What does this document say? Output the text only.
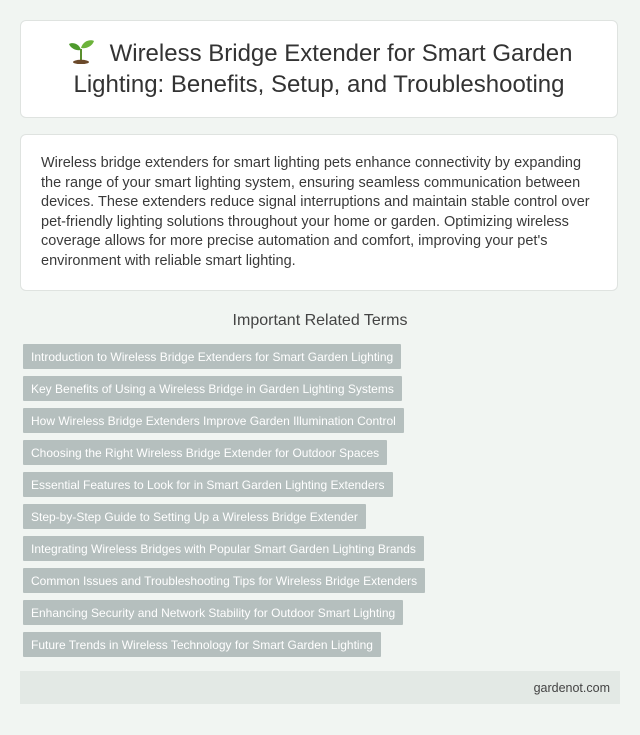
Wireless Bridge Extender for Smart Garden Lighting: Benefits, Setup, and Troubleshooting

Wireless bridge extenders for smart lighting pets enhance connectivity by expanding the range of your smart lighting system, ensuring seamless communication between devices. These extenders reduce signal interruptions and maintain stable control over pet-friendly lighting solutions throughout your home or garden. Optimizing wireless coverage allows for more precise automation and comfort, improving your pet's environment with reliable smart lighting.

Important Related Terms
Introduction to Wireless Bridge Extenders for Smart Garden Lighting
Key Benefits of Using a Wireless Bridge in Garden Lighting Systems
How Wireless Bridge Extenders Improve Garden Illumination Control
Choosing the Right Wireless Bridge Extender for Outdoor Spaces
Essential Features to Look for in Smart Garden Lighting Extenders
Step-by-Step Guide to Setting Up a Wireless Bridge Extender
Integrating Wireless Bridges with Popular Smart Garden Lighting Brands
Common Issues and Troubleshooting Tips for Wireless Bridge Extenders
Enhancing Security and Network Stability for Outdoor Smart Lighting
Future Trends in Wireless Technology for Smart Garden Lighting
gardenot.com
